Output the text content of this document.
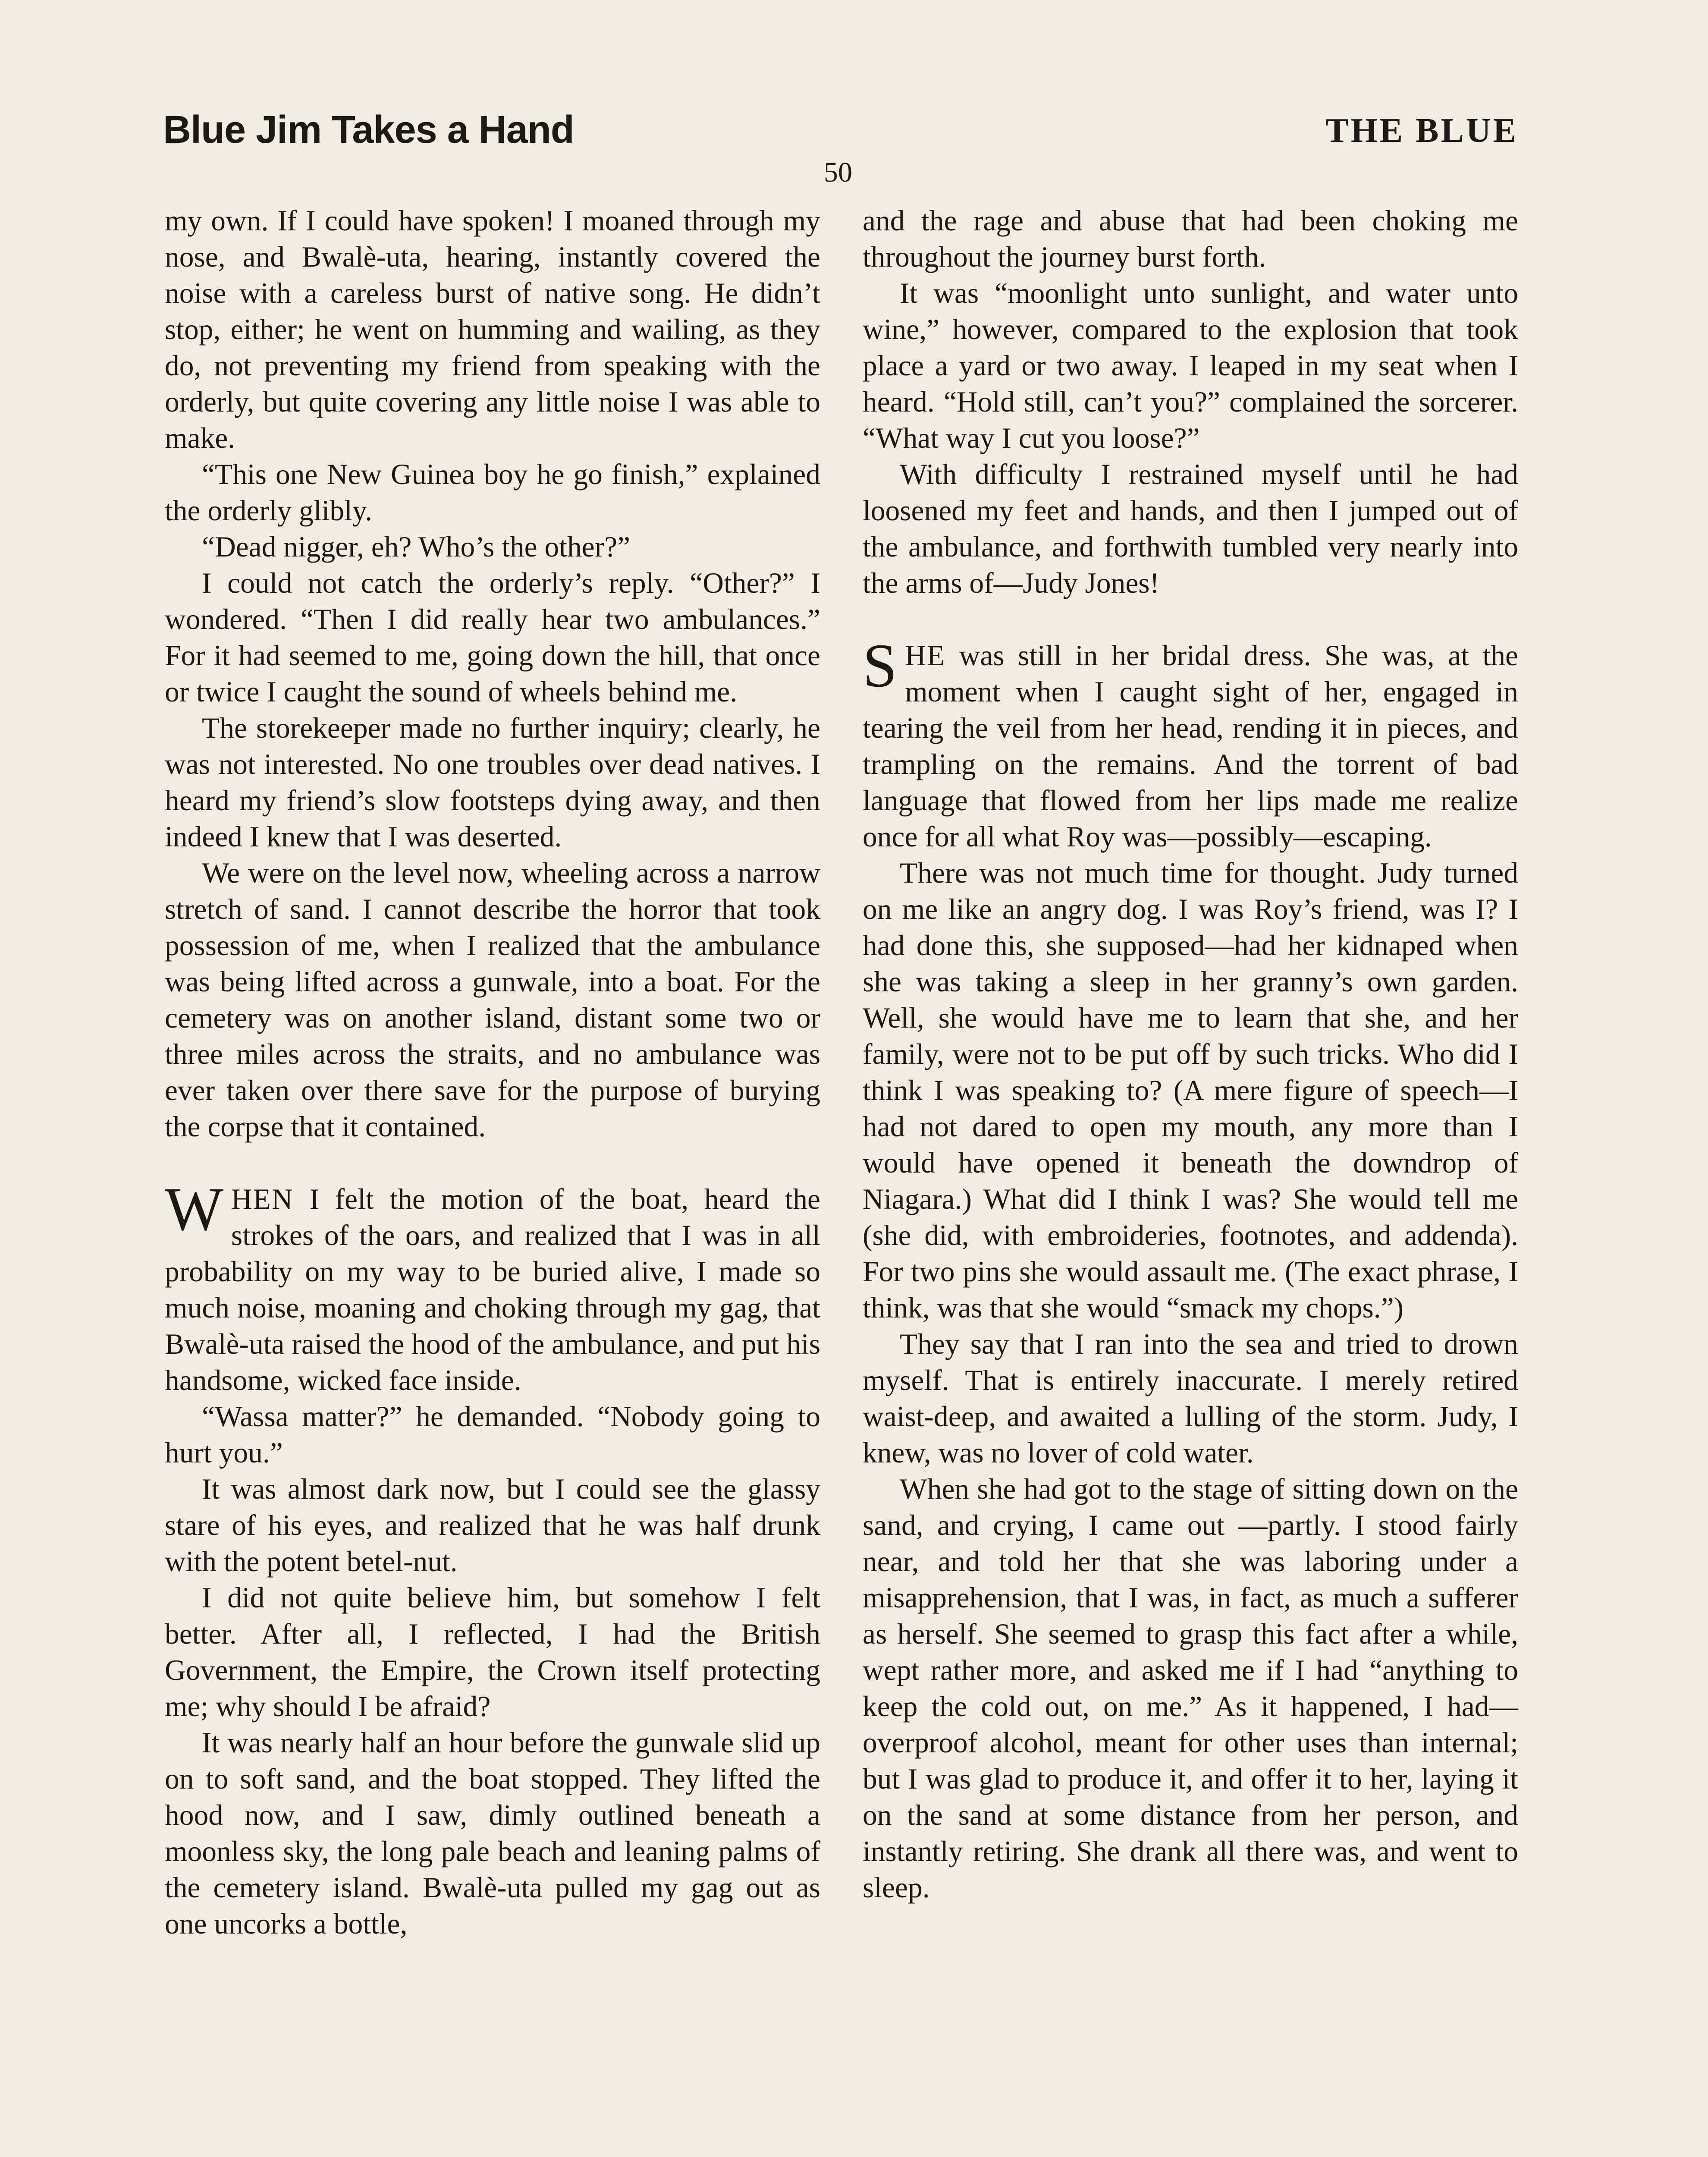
Blue Jim Takes a Hand	THE BLUE
50

my own. If I could have spoken! I moaned through my nose, and Bwalè-uta, hearing, instantly covered the noise with a careless burst of native song. He didn’t stop, either; he went on humming and wailing, as they do, not preventing my friend from speaking with the orderly, but quite covering any little noise I was able to make.

“This one New Guinea boy he go finish,” explained the orderly glibly.

“Dead nigger, eh? Who’s the other?”

I could not catch the orderly’s reply. “Other?” I wondered. “Then I did really hear two ambulances.” For it had seemed to me, going down the hill, that once or twice I caught the sound of wheels behind me.

The storekeeper made no further inquiry; clearly, he was not interested. No one troubles over dead natives. I heard my friend’s slow footsteps dying away, and then indeed I knew that I was deserted.

We were on the level now, wheeling across a narrow stretch of sand. I cannot describe the horror that took possession of me, when I realized that the ambulance was being lifted across a gunwale, into a boat. For the cemetery was on another island, distant some two or three miles across the straits, and no ambulance was ever taken over there save for the purpose of burying the corpse that it contained.

WHEN I felt the motion of the boat, heard the strokes of the oars, and realized that I was in all probability on my way to be buried alive, I made so much noise, moaning and choking through my gag, that Bwalè-uta raised the hood of the ambulance, and put his handsome, wicked face inside.

“Wassa matter?” he demanded. “Nobody going to hurt you.”

It was almost dark now, but I could see the glassy stare of his eyes, and realized that he was half drunk with the potent betel-nut.

I did not quite believe him, but somehow I felt better. After all, I reflected, I had the British Government, the Empire, the Crown itself protecting me; why should I be afraid?

It was nearly half an hour before the gunwale slid up on to soft sand, and the boat stopped. They lifted the hood now, and I saw, dimly outlined beneath a moonless sky, the long pale beach and leaning palms of the cemetery island. Bwalè-uta pulled my gag out as one uncorks a bottle,

and the rage and abuse that had been choking me throughout the journey burst forth.

It was “moonlight unto sunlight, and water unto wine,” however, compared to the explosion that took place a yard or two away. I leaped in my seat when I heard. “Hold still, can’t you?” complained the sorcerer. “What way I cut you loose?”

With difficulty I restrained myself until he had loosened my feet and hands, and then I jumped out of the ambulance, and forthwith tumbled very nearly into the arms of—Judy Jones!

SHE was still in her bridal dress. She was, at the moment when I caught sight of her, engaged in tearing the veil from her head, rending it in pieces, and trampling on the remains. And the torrent of bad language that flowed from her lips made me realize once for all what Roy was—possibly—escaping.

There was not much time for thought. Judy turned on me like an angry dog. I was Roy’s friend, was I? I had done this, she supposed—had her kidnaped when she was taking a sleep in her granny’s own garden. Well, she would have me to learn that she, and her family, were not to be put off by such tricks. Who did I think I was speaking to? (A mere figure of speech—I had not dared to open my mouth, any more than I would have opened it beneath the downdrop of Niagara.) What did I think I was? She would tell me (she did, with embroideries, footnotes, and addenda). For two pins she would assault me. (The exact phrase, I think, was that she would “smack my chops.”)

They say that I ran into the sea and tried to drown myself. That is entirely inaccurate. I merely retired waist-deep, and awaited a lulling of the storm. Judy, I knew, was no lover of cold water.

When she had got to the stage of sitting down on the sand, and crying, I came out —partly. I stood fairly near, and told her that she was laboring under a misapprehension, that I was, in fact, as much a sufferer as herself. She seemed to grasp this fact after a while, wept rather more, and asked me if I had “anything to keep the cold out, on me.” As it happened, I had—overproof alcohol, meant for other uses than internal; but I was glad to produce it, and offer it to her, laying it on the sand at some distance from her person, and instantly retiring. She drank all there was, and went to sleep.
